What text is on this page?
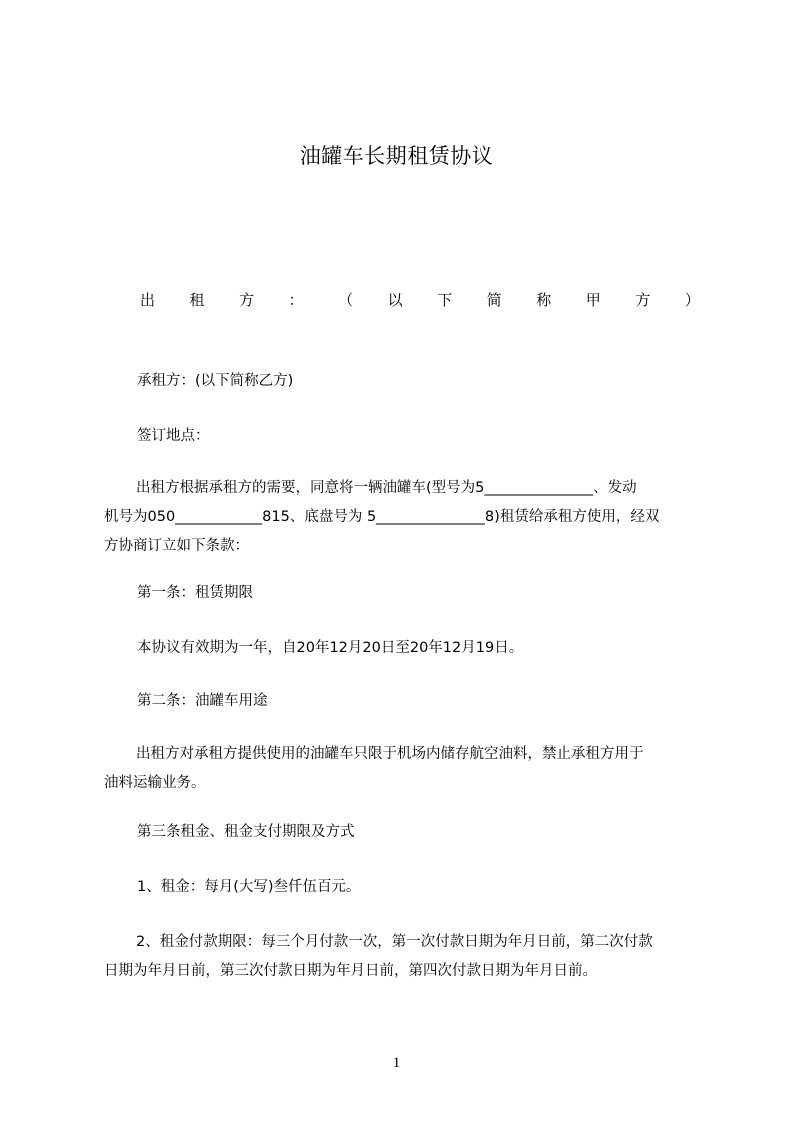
油罐车长期租赁协议
出 租 方 ： （ 以 下 简 称 甲 方 ）
承租方：(以下简称乙方)
签订地点：
出租方根据承租方的需要，同意将一辆油罐车(型号为5_______________、发动
机号为050____________815、底盘号为 5_______________8)租赁给承租方使用，经双
方协商订立如下条款：
第一条：租赁期限
本协议有效期为一年，自20年12月20日至20年12月19日。
第二条：油罐车用途
出租方对承租方提供使用的油罐车只限于机场内储存航空油料，禁止承租方用于
油料运输业务。
第三条租金、租金支付期限及方式
1、租金：每月(大写)叁仟伍百元。
2、租金付款期限：每三个月付款一次，第一次付款日期为年月日前，第二次付款
日期为年月日前，第三次付款日期为年月日前，第四次付款日期为年月日前。
1
